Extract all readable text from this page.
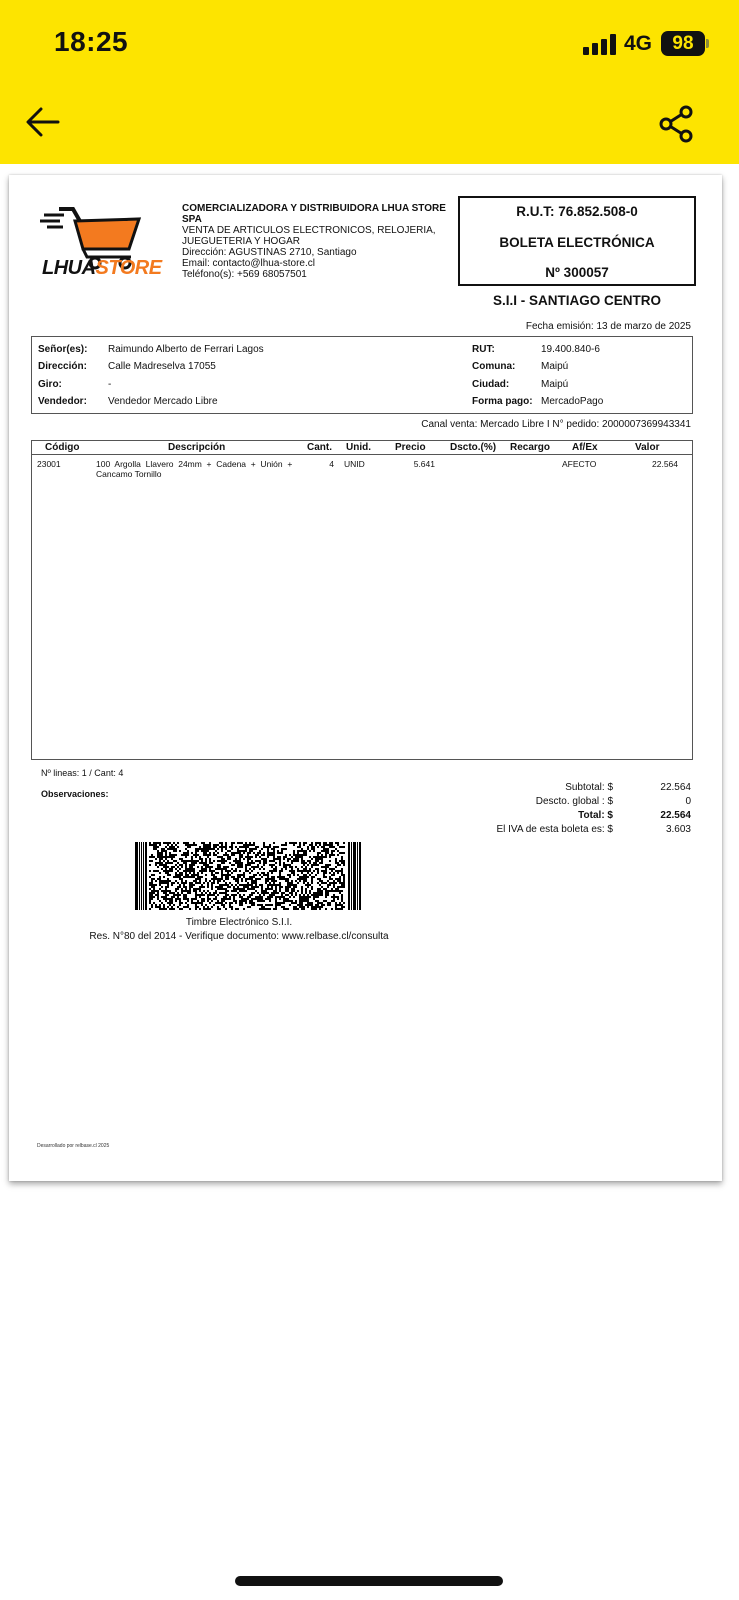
18:25	4G	98
LHUASTORE
COMERCIALIZADORA Y DISTRIBUIDORA LHUA STORE SPA
VENTA DE ARTICULOS ELECTRONICOS, RELOJERIA, JUEGUETERIA Y HOGAR
Dirección: AGUSTINAS 2710, Santiago
Email: contacto@lhua-store.cl
Teléfono(s): +569 68057501
R.U.T: 76.852.508-0
BOLETA ELECTRÓNICA
Nº 300057
S.I.I - SANTIAGO CENTRO
Fecha emisión: 13 de marzo de 2025
Señor(es): Raimundo Alberto de Ferrari Lagos
Dirección: Calle Madreselva 17055
Giro:	-
Vendedor: Vendedor Mercado Libre
RUT:	19.400.840-6
Comuna:	Maipú
Ciudad:	Maipú
Forma pago: MercadoPago
Canal venta: Mercado Libre I N° pedido: 2000007369943341
Código	Descripción	Cant. Unid. Precio Dscto.(%) Recargo Af/Ex	Valor
23001	100  Argolla  Llavero  24mm  +  Cadena  +  Unión  +
Cancamo Tornillo
4 UNID	5.641	AFECTO	22.564
Nº lineas: 1 / Cant: 4
Observaciones:
Subtotal: $	22.564
Descto. global : $	0
Total: $	22.564
El IVA de esta boleta es: $	3.603
Timbre Electrónico S.I.I.
Res. N°80 del 2014 - Verifique documento: www.relbase.cl/consulta
Desarrollado por relbase.cl 2025
